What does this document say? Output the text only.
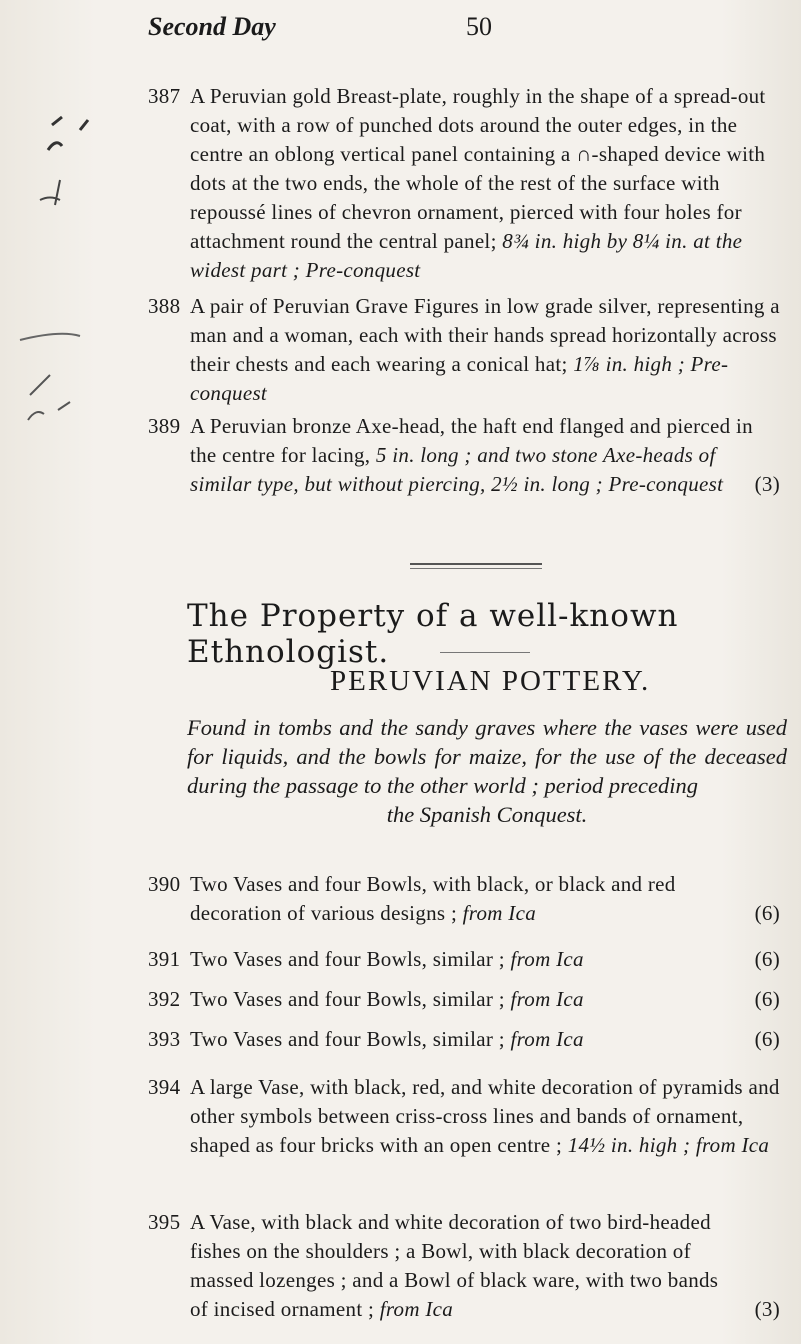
Second Day	50
387 A Peruvian gold Breast-plate, roughly in the shape of a spread-out coat, with a row of punched dots around the outer edges, in the centre an oblong vertical panel containing a ∩-shaped device with dots at the two ends, the whole of the rest of the surface with repoussé lines of chevron ornament, pierced with four holes for attachment round the central panel; 8¾ in. high by 8¼ in. at the widest part ; Pre-conquest
388 A pair of Peruvian Grave Figures in low grade silver, representing a man and a woman, each with their hands spread horizontally across their chests and each wearing a conical hat; 1⅞ in. high ; Pre-conquest
389 A Peruvian bronze Axe-head, the haft end flanged and pierced in the centre for lacing, 5 in. long ; and two stone Axe-heads of similar type, but without piercing, 2½ in. long ; Pre-conquest	(3)
The Property of a well-known Ethnologist.
PERUVIAN POTTERY.

Found in tombs and the sandy graves where the vases were used for liquids, and the bowls for maize, for the use of the deceased during the passage to the other world ; period preceding

the Spanish Conquest.

390 Two Vases and four Bowls, with black, or black and red decoration of various designs ; from Ica	(6)
391 Two Vases and four Bowls, similar ; from Ica	(6)
392 Two Vases and four Bowls, similar ; from Ica	(6)
393 Two Vases and four Bowls, similar ; from Ica	(6)
394 A large Vase, with black, red, and white decoration of pyramids and other symbols between criss-cross lines and bands of ornament, shaped as four bricks with an open centre ; 14½ in. high ; from Ica
395 A Vase, with black and white decoration of two bird-headed fishes on the shoulders ; a Bowl, with black decoration of massed lozenges ; and a Bowl of black ware, with two bands of incised ornament ; from Ica	(3)
